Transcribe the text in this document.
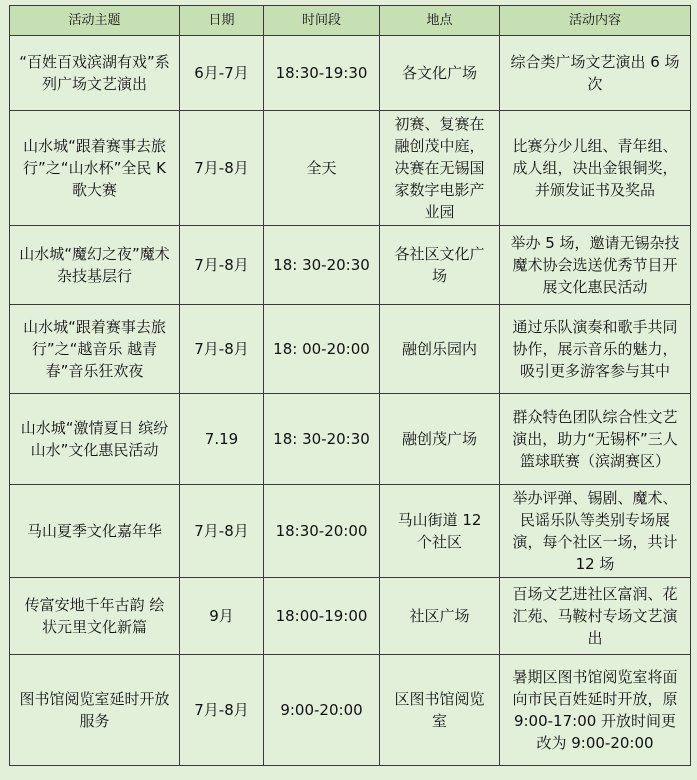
活动主题	日期	时间段	地点	活动内容
“百姓百戏滨湖有戏”系列广场文艺演出	6月-7月	18:30-19:30	各文化广场	综合类广场文艺演出 6 场次
山水城“跟着赛事去旅行”之“山水杯”全民 K 歌大赛	7月-8月	全天	初赛、复赛在融创茂中庭，决赛在无锡国家数字电影产业园	比赛分少儿组、青年组、成人组，决出金银铜奖，并颁发证书及奖品
山水城“魔幻之夜”魔术杂技基层行	7月-8月	18: 30-20:30	各社区文化广场	举办 5 场，邀请无锡杂技魔术协会选送优秀节目开展文化惠民活动
山水城“跟着赛事去旅行”之“越音乐 越青春”音乐狂欢夜	7月-8月	18: 00-20:00	融创乐园内	通过乐队演奏和歌手共同协作，展示音乐的魅力，吸引更多游客参与其中
山水城“激情夏日 缤纷山水”文化惠民活动	7.19	18: 30-20:30	融创茂广场	群众特色团队综合性文艺演出，助力“无锡杯”三人篮球联赛（滨湖赛区）
马山夏季文化嘉年华	7月-8月	18:30-20:00	马山街道 12 个社区	举办评弹、锡剧、魔术、民谣乐队等类别专场展演，每个社区一场，共计 12 场
传富安地千年古韵 绘状元里文化新篇	9月	18:00-19:00	社区广场	百场文艺进社区富润、花汇苑、马鞍村专场文艺演出
图书馆阅览室延时开放服务	7月-8月	9:00-20:00	区图书馆阅览室	暑期区图书馆阅览室将面向市民百姓延时开放，原 9:00-17:00 开放时间更改为 9:00-20:00
